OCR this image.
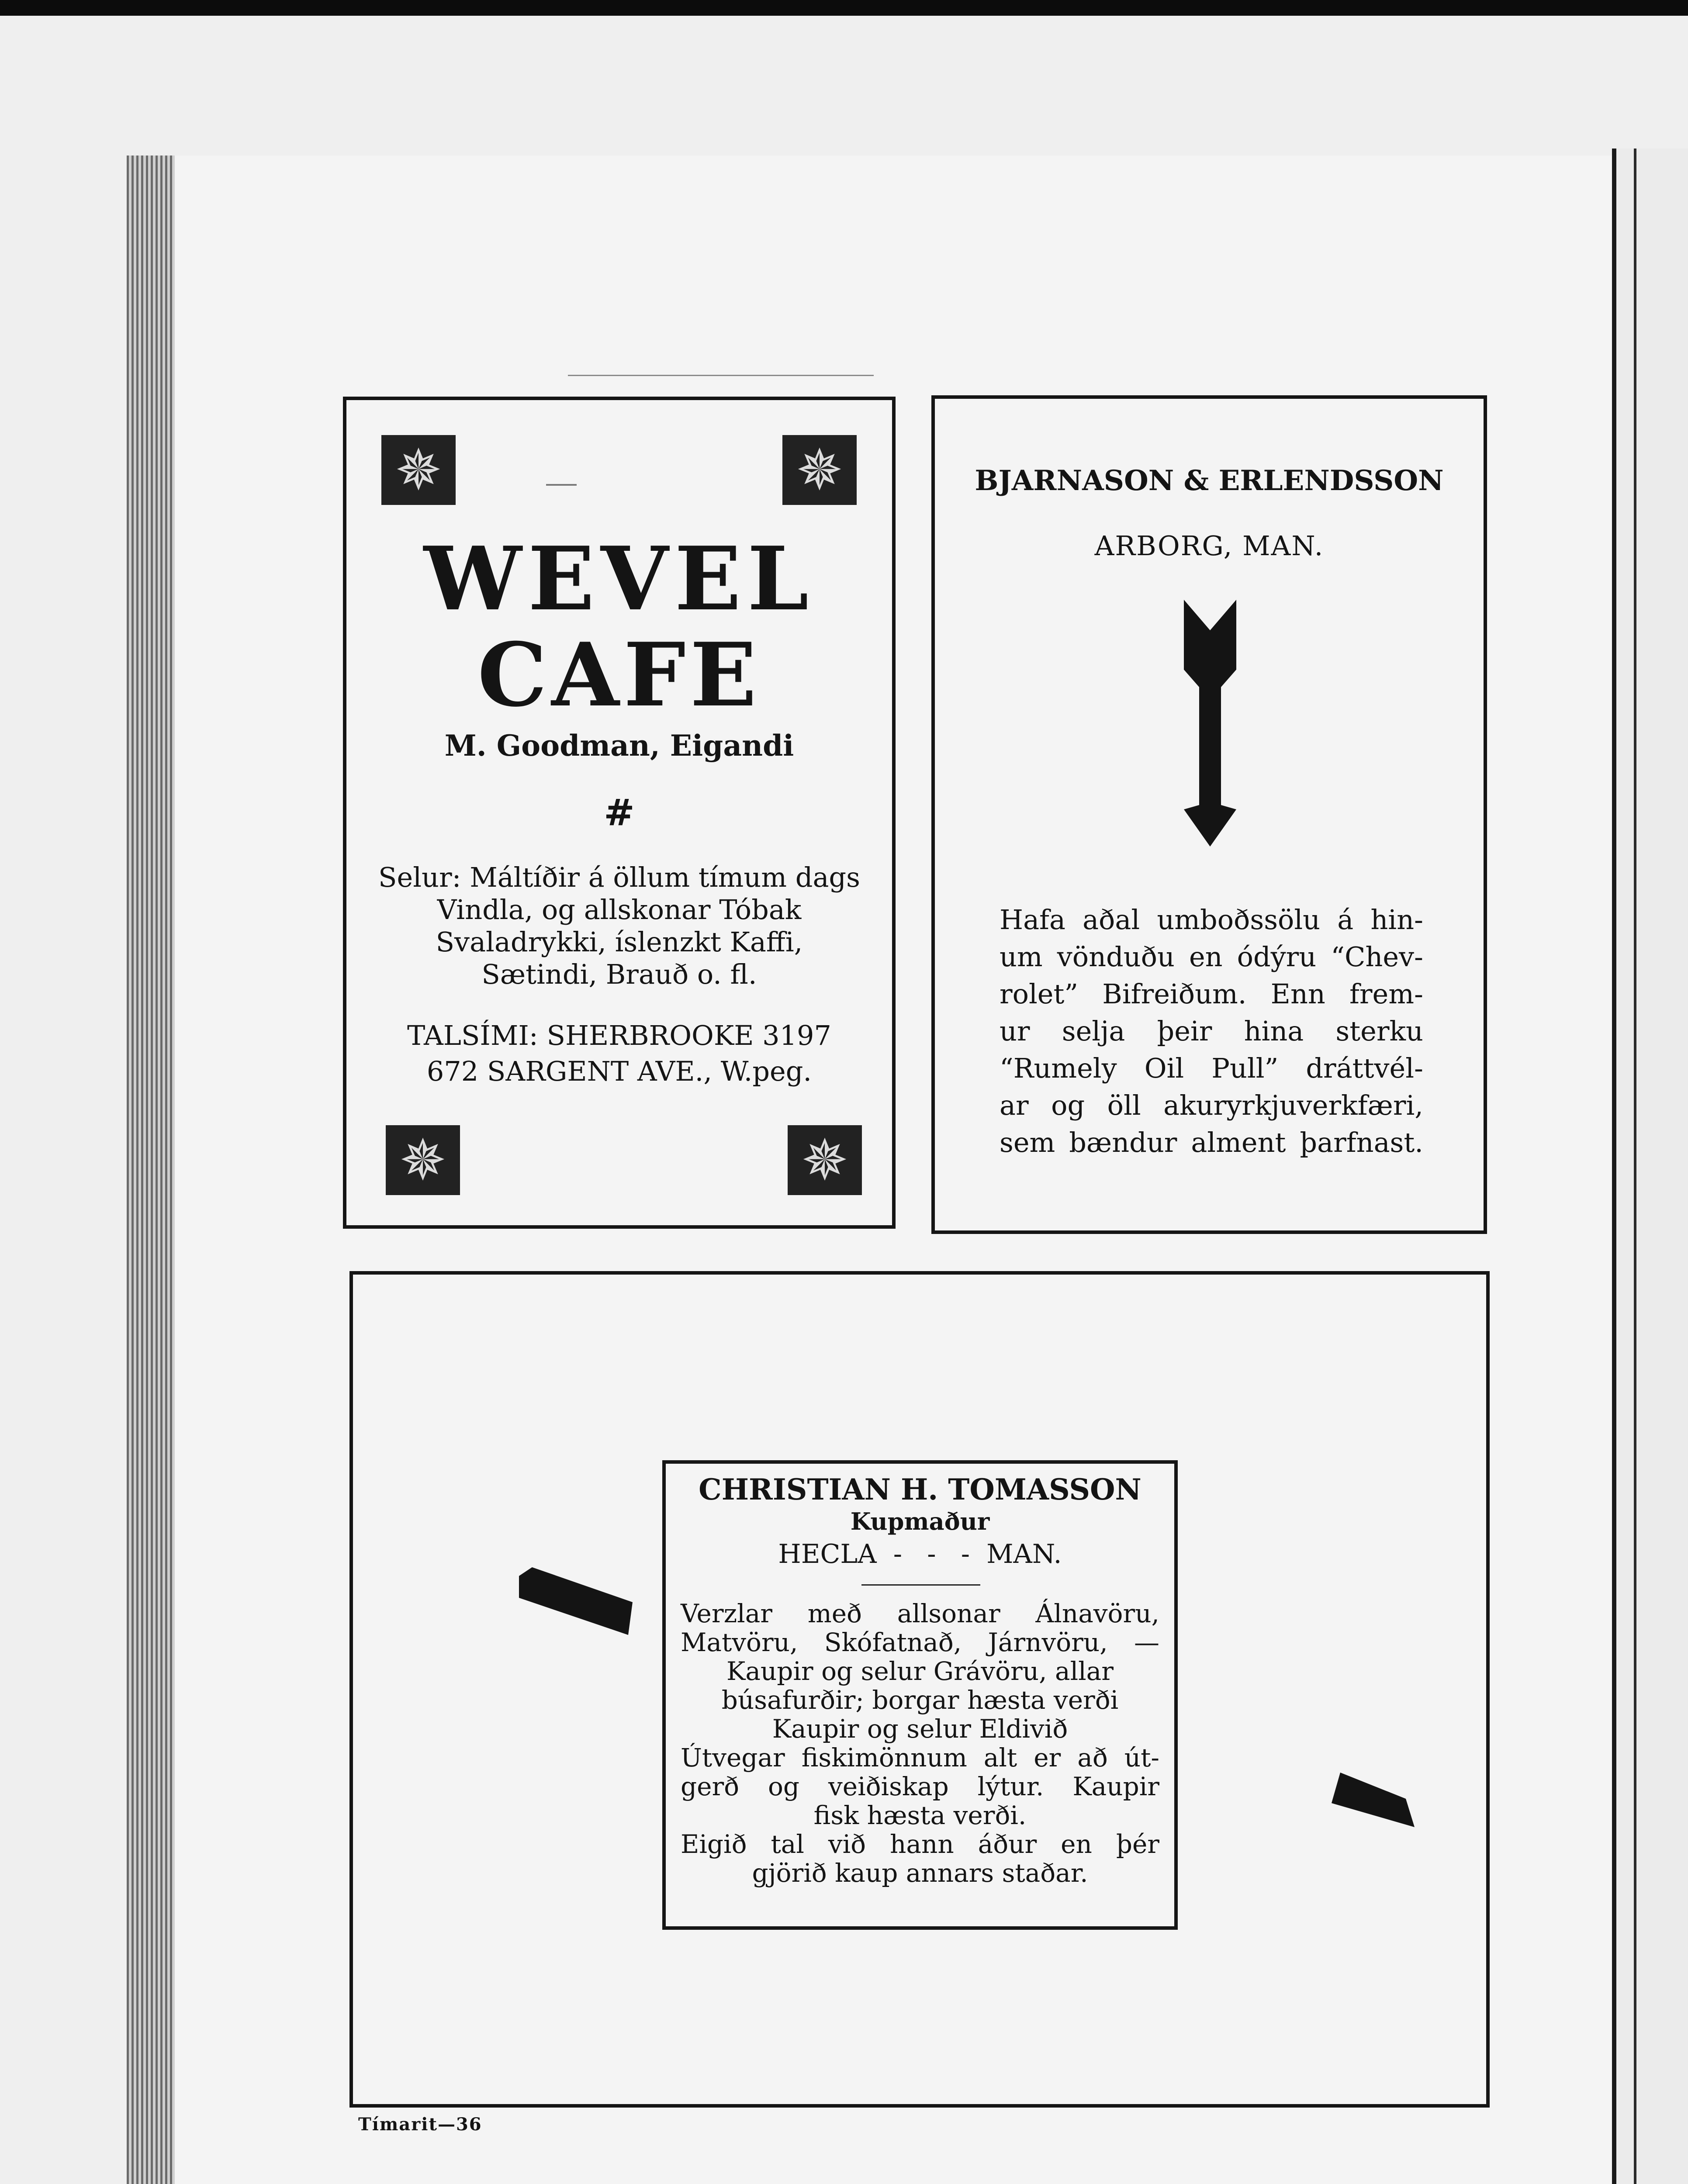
✵	✵
WEVEL
CAFE
M. Goodman, Eigandi
#
Selur: Máltíðir á öllum tímum dags
Vindla, og allskonar Tóbak
Svaladrykki, íslenzkt Kaffi,
Sætindi, Brauð o. fl.
TALSÍMI: SHERBROOKE 3197
672 SARGENT AVE., W.peg.
✵	✵
BJARNASON & ERLENDSSON
ARBORG, MAN.
Hafa aðal umboðssölu á hin-
um vönduðu en ódýru “Chev-
rolet” Bifreiðum. Enn frem-
ur selja þeir hina sterku
“Rumely Oil Pull” dráttvél-
ar og öll akuryrkjuverkfæri,
sem bændur alment þarfnast.
CHRISTIAN H. TOMASSON
Kupmaður
HECLA  -   -   -  MAN.
Verzlar með allsonar Álnavöru,
Matvöru, Skófatnað, Járnvöru, —
Kaupir og selur Grávöru, allar
búsafurðir; borgar hæsta verði
Kaupir og selur Eldivið
Útvegar fiskimönnum alt er að út-
gerð og veiðiskap lýtur. Kaupir
fisk hæsta verði.
Eigið tal við hann áður en þér
gjörið kaup annars staðar.
Tímarit—36
